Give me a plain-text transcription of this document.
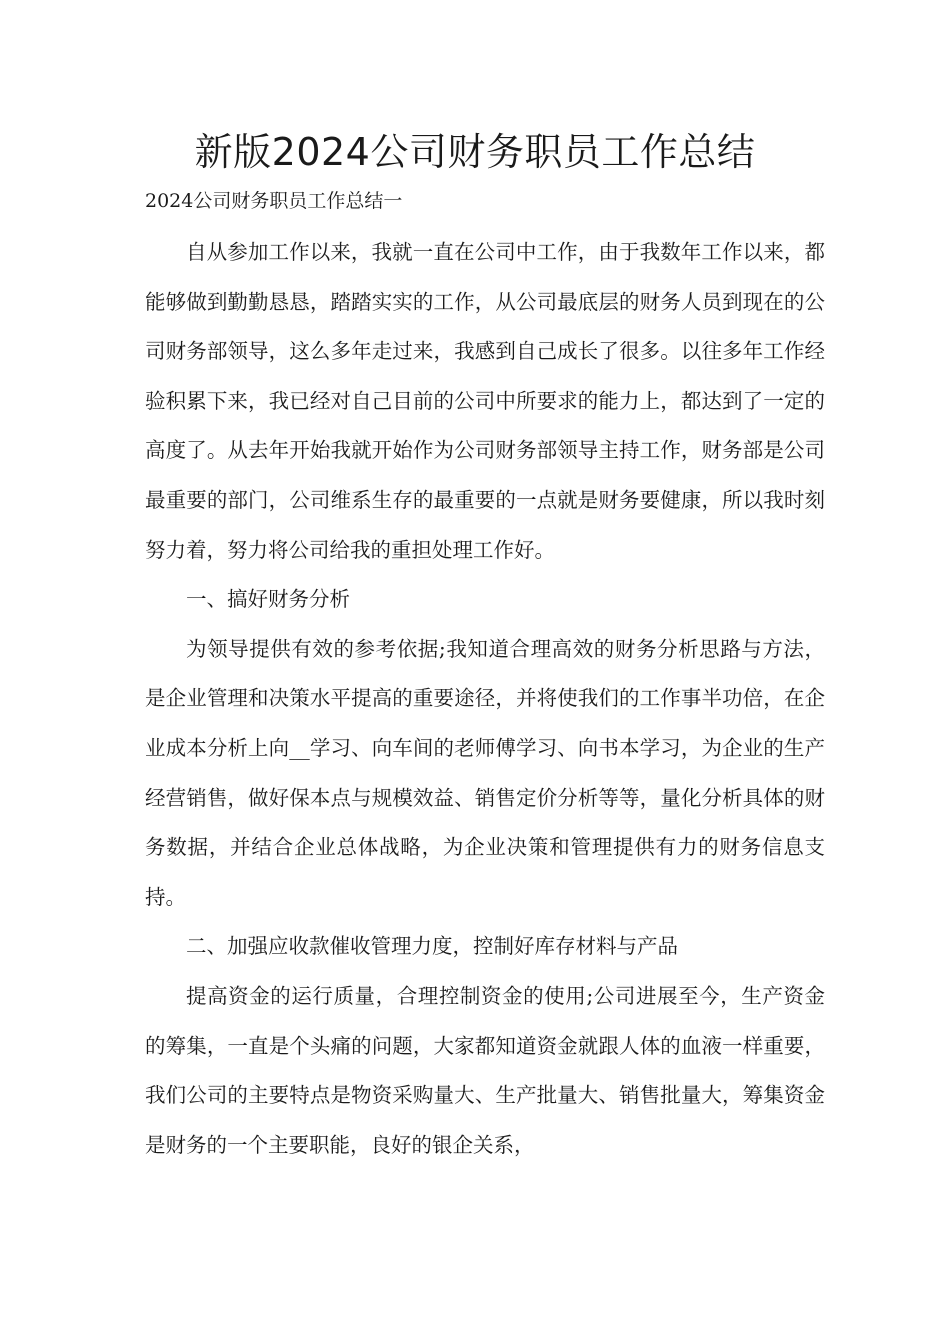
新版2024公司财务职员工作总结

2024公司财务职员工作总结一

自从参加工作以来，我就一直在公司中工作，由于我数年工作以来，都能够做到勤勤恳恳，踏踏实实的工作，从公司最底层的财务人员到现在的公司财务部领导，这么多年走过来，我感到自己成长了很多。以往多年工作经验积累下来，我已经对自己目前的公司中所要求的能力上，都达到了一定的高度了。从去年开始我就开始作为公司财务部领导主持工作，财务部是公司最重要的部门，公司维系生存的最重要的一点就是财务要健康，所以我时刻努力着，努力将公司给我的重担处理工作好。

一、搞好财务分析

为领导提供有效的参考依据;我知道合理高效的财务分析思路与方法，是企业管理和决策水平提高的重要途径，并将使我们的工作事半功倍，在企业成本分析上向__学习、向车间的老师傅学习、向书本学习，为企业的生产经营销售，做好保本点与规模效益、销售定价分析等等，量化分析具体的财务数据，并结合企业总体战略，为企业决策和管理提供有力的财务信息支持。

二、加强应收款催收管理力度，控制好库存材料与产品

提高资金的运行质量，合理控制资金的使用;公司进展至今，生产资金的筹集，一直是个头痛的问题，大家都知道资金就跟人体的血液一样重要，我们公司的主要特点是物资采购量大、生产批量大、销售批量大，筹集资金是财务的一个主要职能，良好的银企关系，
